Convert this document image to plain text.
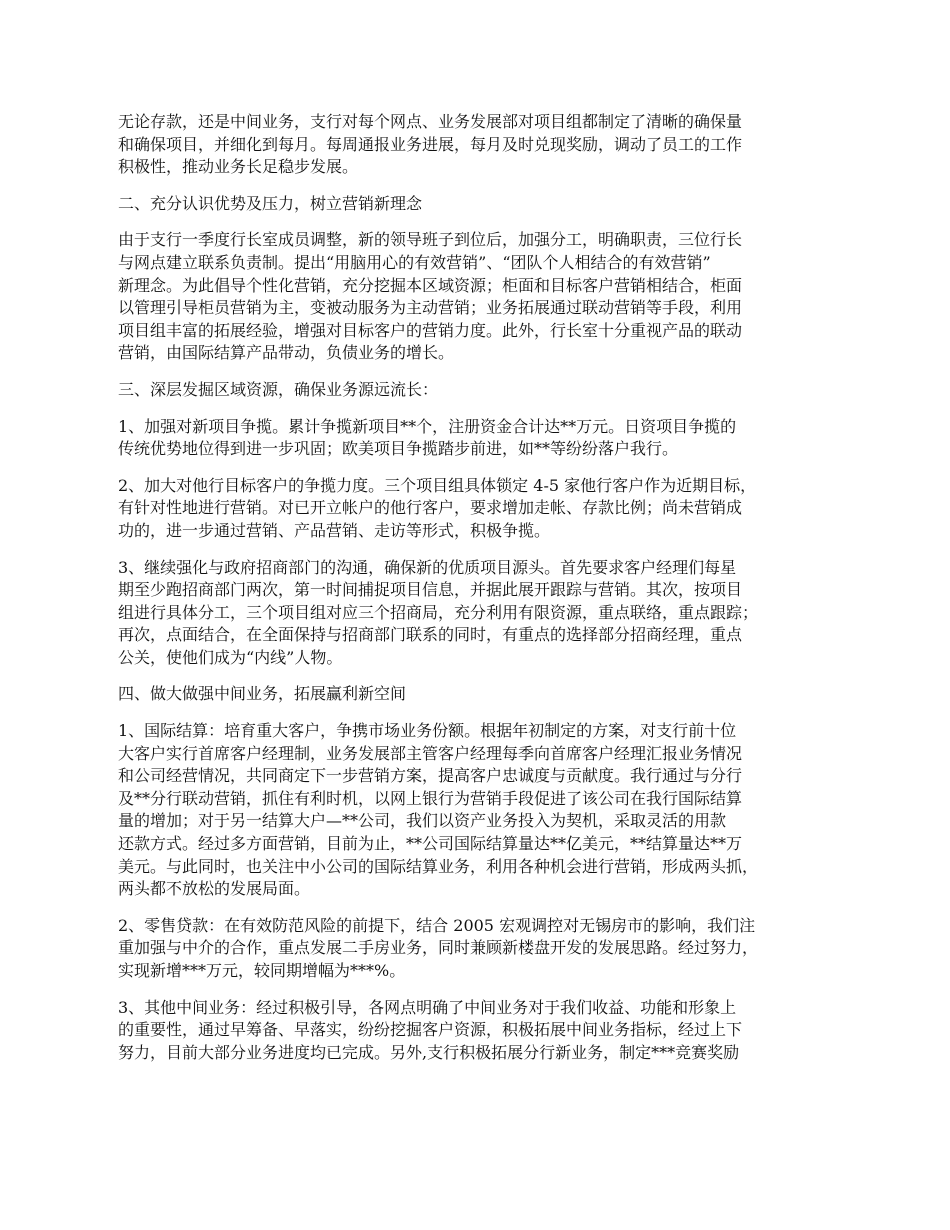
无论存款，还是中间业务，支行对每个网点、业务发展部对项目组都制定了清晰的确保量
和确保项目，并细化到每月。每周通报业务进展，每月及时兑现奖励，调动了员工的工作
积极性，推动业务长足稳步发展。
二、充分认识优势及压力，树立营销新理念
由于支行一季度行长室成员调整，新的领导班子到位后，加强分工，明确职责，三位行长
与网点建立联系负责制。提出“用脑用心的有效营销”、“团队个人相结合的有效营销”
新理念。为此倡导个性化营销，充分挖掘本区域资源；柜面和目标客户营销相结合，柜面
以管理引导柜员营销为主，变被动服务为主动营销；业务拓展通过联动营销等手段，利用
项目组丰富的拓展经验，增强对目标客户的营销力度。此外，行长室十分重视产品的联动
营销，由国际结算产品带动，负债业务的增长。
三、深层发掘区域资源，确保业务源远流长：
1、加强对新项目争揽。累计争揽新项目**个，注册资金合计达**万元。日资项目争揽的
传统优势地位得到进一步巩固；欧美项目争揽踏步前进，如**等纷纷落户我行。
2、加大对他行目标客户的争揽力度。三个项目组具体锁定 4-5 家他行客户作为近期目标，
有针对性地进行营销。对已开立帐户的他行客户，要求增加走帐、存款比例；尚未营销成
功的，进一步通过营销、产品营销、走访等形式，积极争揽。
3、继续强化与政府招商部门的沟通，确保新的优质项目源头。首先要求客户经理们每星
期至少跑招商部门两次，第一时间捕捉项目信息，并据此展开跟踪与营销。其次，按项目
组进行具体分工，三个项目组对应三个招商局，充分利用有限资源，重点联络，重点跟踪；
再次，点面结合，在全面保持与招商部门联系的同时，有重点的选择部分招商经理，重点
公关，使他们成为“内线”人物。
四、做大做强中间业务，拓展赢利新空间
1、国际结算：培育重大客户，争携市场业务份额。根据年初制定的方案，对支行前十位
大客户实行首席客户经理制，业务发展部主管客户经理每季向首席客户经理汇报业务情况
和公司经营情况，共同商定下一步营销方案，提高客户忠诚度与贡献度。我行通过与分行
及**分行联动营销，抓住有利时机，以网上银行为营销手段促进了该公司在我行国际结算
量的增加；对于另一结算大户—**公司，我们以资产业务投入为契机，采取灵活的用款
还款方式。经过多方面营销，目前为止，**公司国际结算量达**亿美元，**结算量达**万
美元。与此同时，也关注中小公司的国际结算业务，利用各种机会进行营销，形成两头抓，
两头都不放松的发展局面。
2、零售贷款：在有效防范风险的前提下，结合 2005 宏观调控对无锡房市的影响，我们注
重加强与中介的合作，重点发展二手房业务，同时兼顾新楼盘开发的发展思路。经过努力，
实现新增***万元，较同期增幅为***%。
3、其他中间业务：经过积极引导，各网点明确了中间业务对于我们收益、功能和形象上
的重要性，通过早筹备、早落实，纷纷挖掘客户资源，积极拓展中间业务指标，经过上下
努力，目前大部分业务进度均已完成。另外,支行积极拓展分行新业务，制定***竞赛奖励
